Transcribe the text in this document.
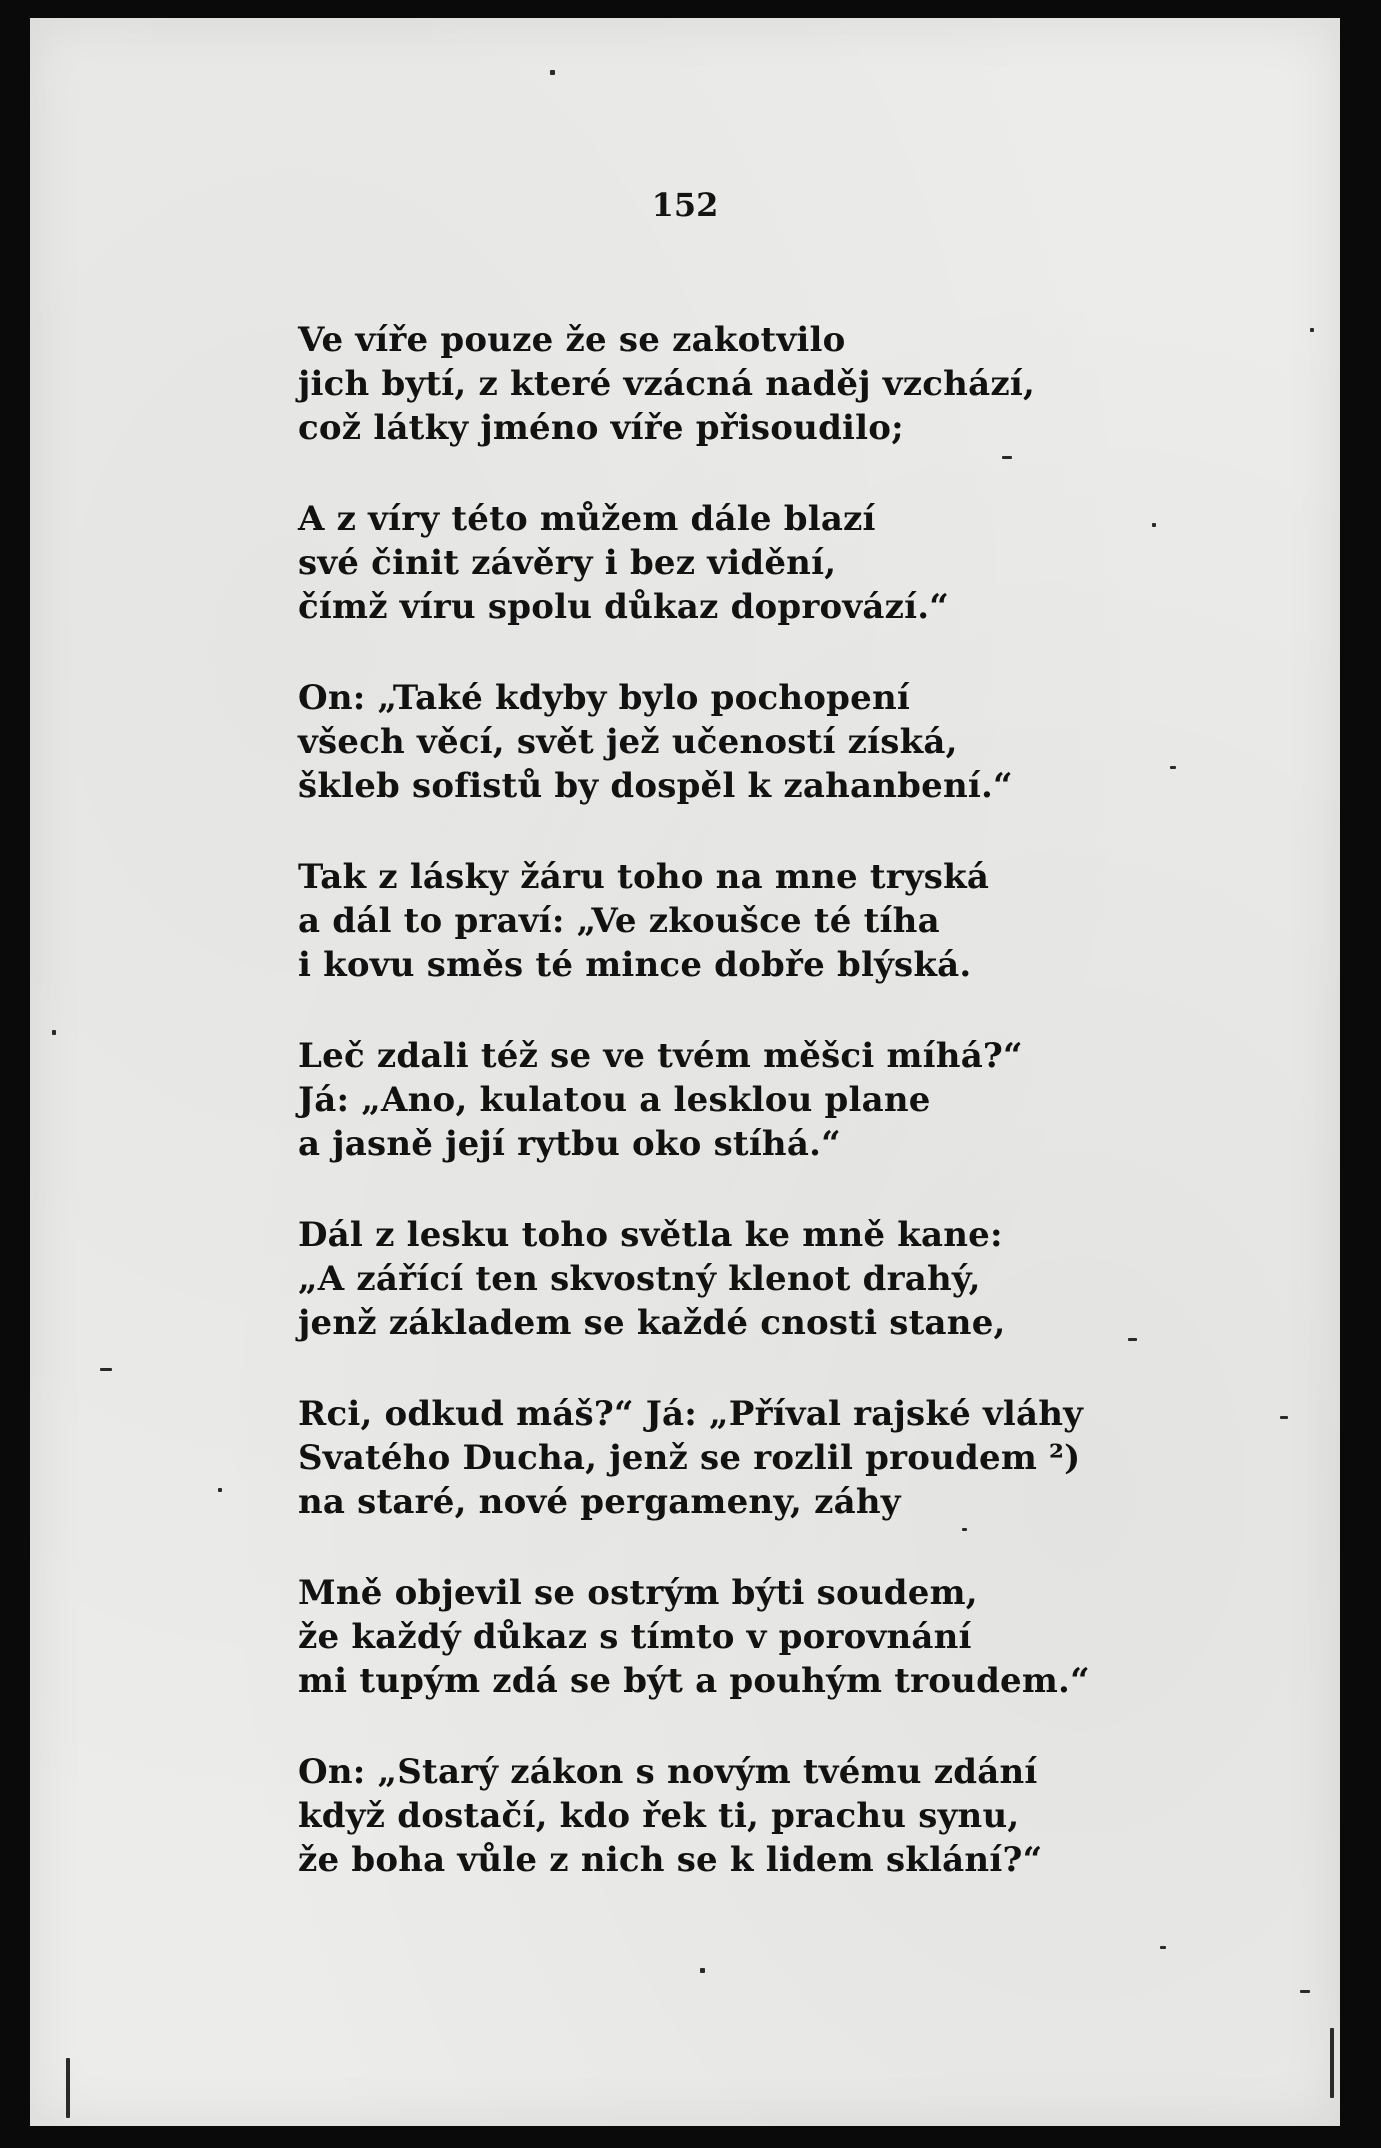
152
Ve víře pouze že se zakotvilo
jich bytí, z které vzácná naděj vzchází,
což látky jméno víře přisoudilo;
A z víry této můžem dále blazí
své činit závěry i bez vidění,
čímž víru spolu důkaz doprovází.“
On: „Také kdyby bylo pochopení
všech věcí, svět jež učeností získá,
škleb sofistů by dospěl k zahanbení.“
Tak z lásky žáru toho na mne tryská
a dál to praví: „Ve zkoušce té tíha
i kovu směs té mince dobře blýská.
Leč zdali též se ve tvém měšci míhá?“
Já: „Ano, kulatou a lesklou plane
a jasně její rytbu oko stíhá.“
Dál z lesku toho světla ke mně kane:
„A zářící ten skvostný klenot drahý,
jenž základem se každé cnosti stane,
Rci, odkud máš?“ Já: „Příval rajské vláhy
Svatého Ducha, jenž se rozlil proudem ²)
na staré, nové pergameny, záhy
Mně objevil se ostrým býti soudem,
že každý důkaz s tímto v porovnání
mi tupým zdá se být a pouhým troudem.“
On: „Starý zákon s novým tvému zdání
když dostačí, kdo řek ti, prachu synu,
že boha vůle z nich se k lidem sklání?“
